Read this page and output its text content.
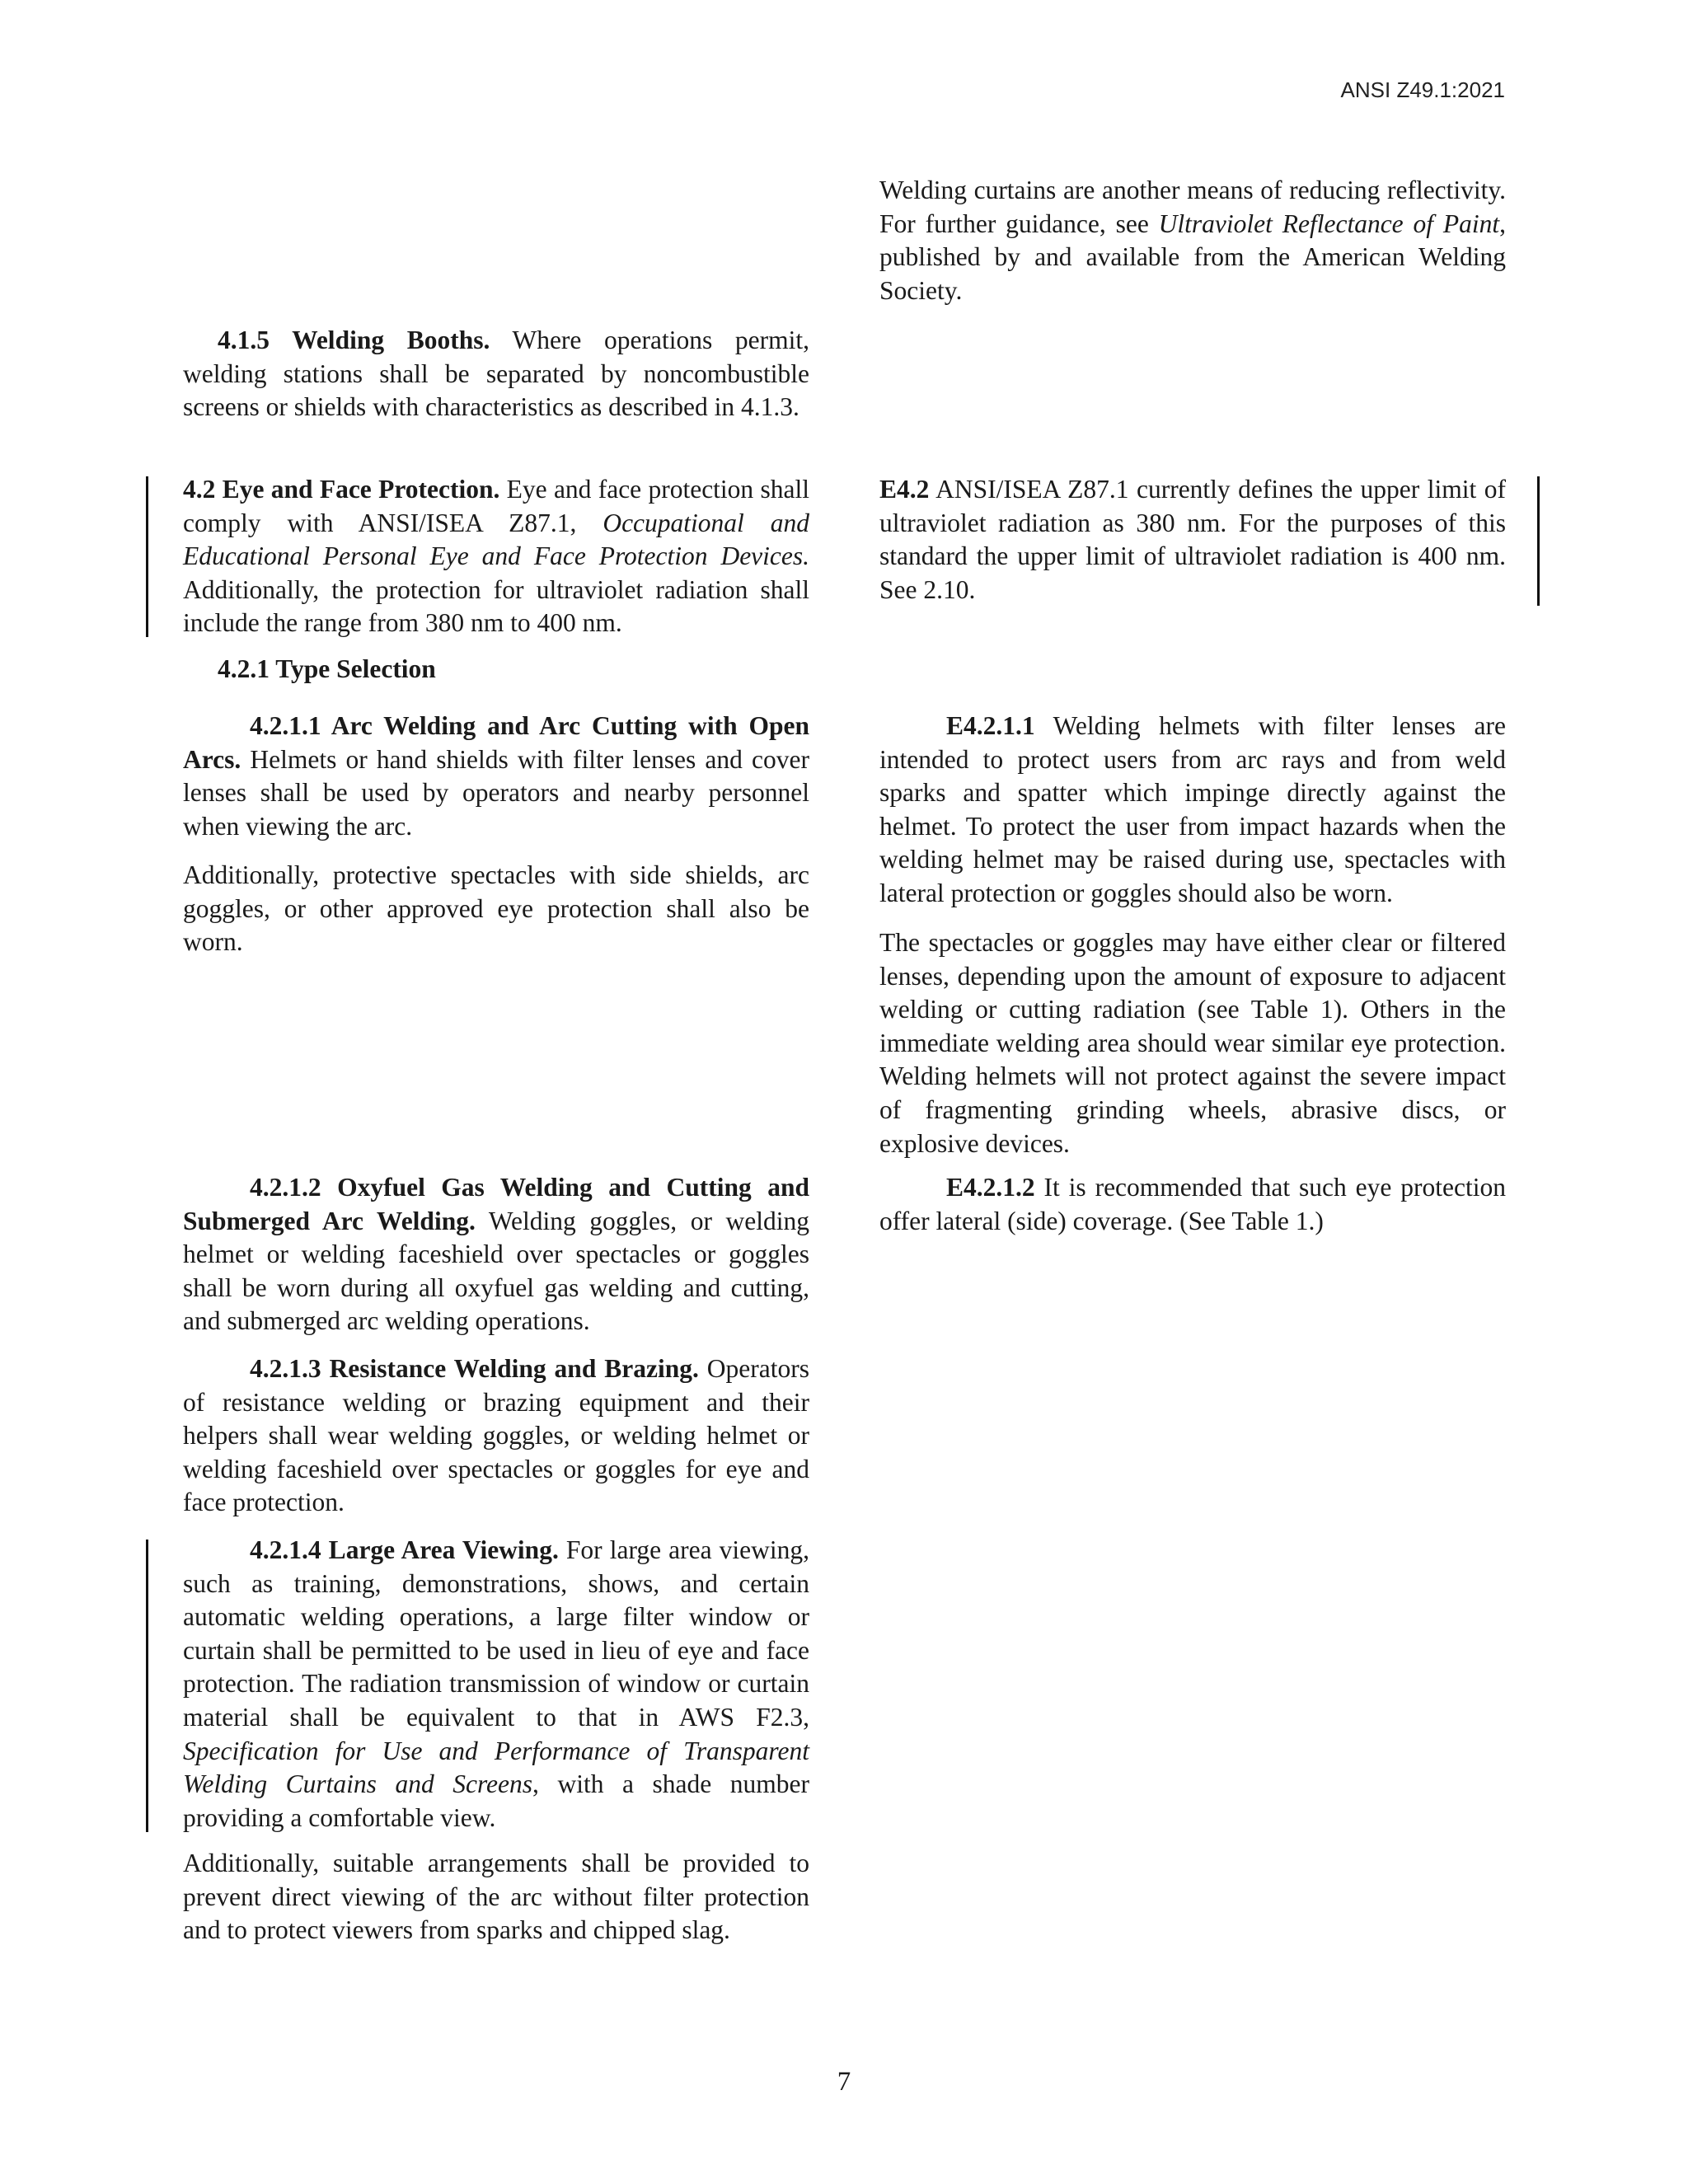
ANSI Z49.1:2021

4.1.5 Welding Booths. Where operations permit, welding stations shall be separated by noncombustible screens or shields with characteristics as described in 4.1.3.

4.2 Eye and Face Protection. Eye and face protection shall comply with ANSI/ISEA Z87.1, Occupational and Educational Personal Eye and Face Protection Devices. Additionally, the protection for ultraviolet radiation shall include the range from 380 nm to 400 nm.

4.2.1 Type Selection

4.2.1.1 Arc Welding and Arc Cutting with Open Arcs. Helmets or hand shields with filter lenses and cover lenses shall be used by operators and nearby personnel when viewing the arc.

Additionally, protective spectacles with side shields, arc goggles, or other approved eye protection shall also be worn.

4.2.1.2 Oxyfuel Gas Welding and Cutting and Submerged Arc Welding. Welding goggles, or welding helmet or welding faceshield over spectacles or goggles shall be worn during all oxyfuel gas welding and cutting, and submerged arc welding operations.

4.2.1.3 Resistance Welding and Brazing. Operators of resistance welding or brazing equipment and their helpers shall wear welding goggles, or welding helmet or welding faceshield over spectacles or goggles for eye and face protection.

4.2.1.4 Large Area Viewing. For large area viewing, such as training, demonstrations, shows, and certain automatic welding operations, a large filter window or curtain shall be permitted to be used in lieu of eye and face protection. The radiation transmission of window or curtain material shall be equivalent to that in AWS F2.3, Specification for Use and Performance of Transparent Welding Curtains and Screens, with a shade number providing a comfortable view.

Additionally, suitable arrangements shall be provided to prevent direct viewing of the arc without filter protection and to protect viewers from sparks and chipped slag.

Welding curtains are another means of reducing reflectivity. For further guidance, see Ultraviolet Reflectance of Paint, published by and available from the American Welding Society.

E4.2 ANSI/ISEA Z87.1 currently defines the upper limit of ultraviolet radiation as 380 nm. For the purposes of this standard the upper limit of ultraviolet radiation is 400 nm. See 2.10.

E4.2.1.1 Welding helmets with filter lenses are intended to protect users from arc rays and from weld sparks and spatter which impinge directly against the helmet. To protect the user from impact hazards when the welding helmet may be raised during use, spectacles with lateral protection or goggles should also be worn.

The spectacles or goggles may have either clear or filtered lenses, depending upon the amount of exposure to adjacent welding or cutting radiation (see Table 1). Others in the immediate welding area should wear similar eye protection. Welding helmets will not protect against the severe impact of fragmenting grinding wheels, abrasive discs, or explosive devices.

E4.2.1.2 It is recommended that such eye protection offer lateral (side) coverage. (See Table 1.)

7
